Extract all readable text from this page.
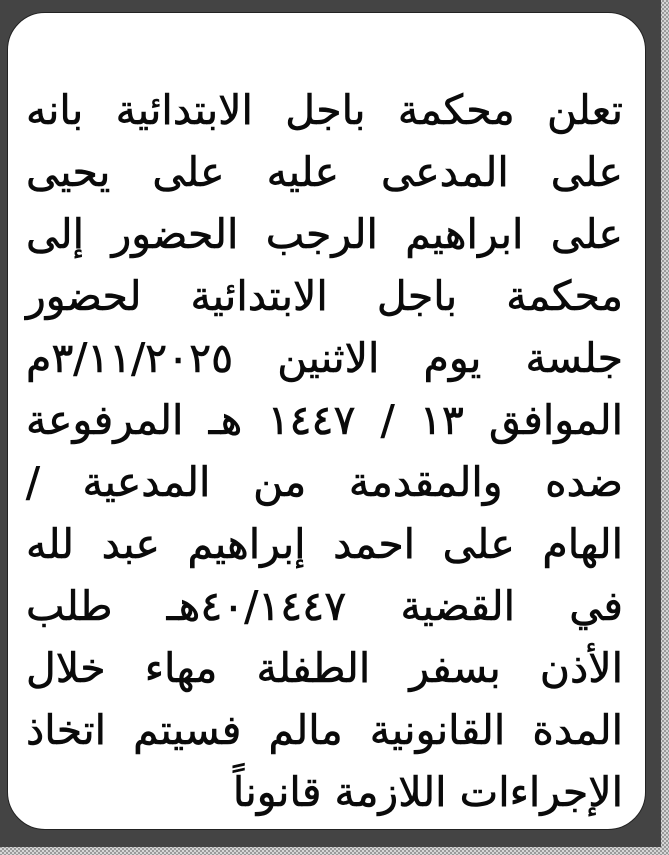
تعلن محكمة باجل الابتدائية بانه
على المدعى عليه على يحيى
على ابراهيم الرجب الحضور إلى
محكمة باجل الابتدائية لحضور
جلسة يوم الاثنين ٣/١١/٢٠٢٥م
الموافق ١٣ / ١٤٤٧ هـ المرفوعة
ضده والمقدمة من المدعية /
الهام على احمد إبراهيم عبد لله
في القضية ٤٠/١٤٤٧هـ طلب
الأذن بسفر الطفلة مهاء خلال
المدة القانونية مالم فسيتم اتخاذ
الإجراءات اللازمة قانوناً
